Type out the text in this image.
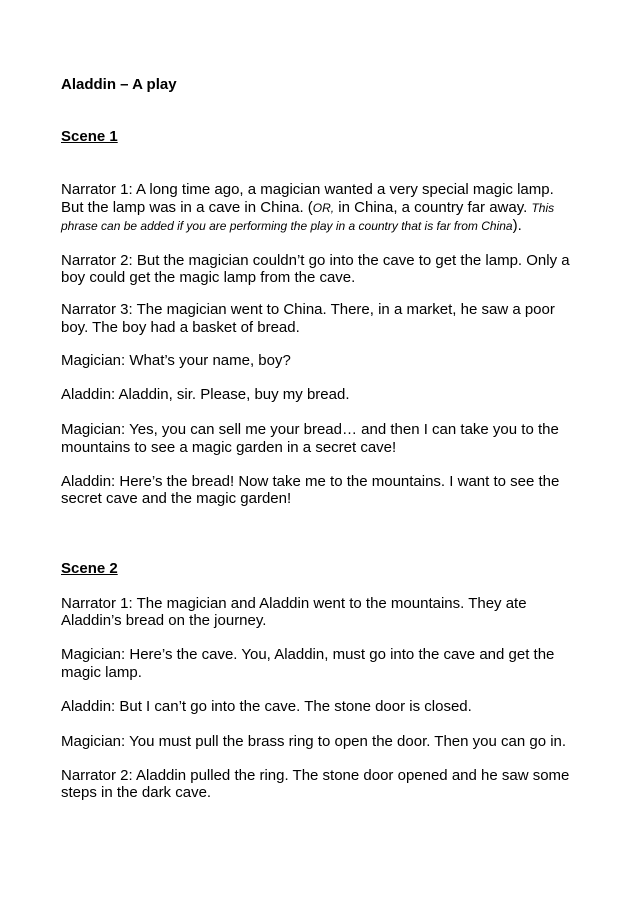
Aladdin – A play

Scene 1

Narrator 1: A long time ago, a magician wanted a very special magic lamp.

But the lamp was in a cave in China. (OR, in China, a country far away. This

phrase can be added if you are performing the play in a country that is far from China).

Narrator 2: But the magician couldn’t go into the cave to get the lamp. Only a

boy could get the magic lamp from the cave.

Narrator 3: The magician went to China. There, in a market, he saw a poor

boy. The boy had a basket of bread.

Magician: What’s your name, boy?

Aladdin: Aladdin, sir. Please, buy my bread.

Magician: Yes, you can sell me your bread… and then I can take you to the

mountains to see a magic garden in a secret cave!

Aladdin: Here’s the bread! Now take me to the mountains. I want to see the

secret cave and the magic garden!

Scene 2

Narrator 1: The magician and Aladdin went to the mountains. They ate

Aladdin’s bread on the journey.

Magician: Here’s the cave. You, Aladdin, must go into the cave and get the

magic lamp.

Aladdin: But I can’t go into the cave. The stone door is closed.

Magician: You must pull the brass ring to open the door. Then you can go in.

Narrator 2: Aladdin pulled the ring. The stone door opened and he saw some

steps in the dark cave.
